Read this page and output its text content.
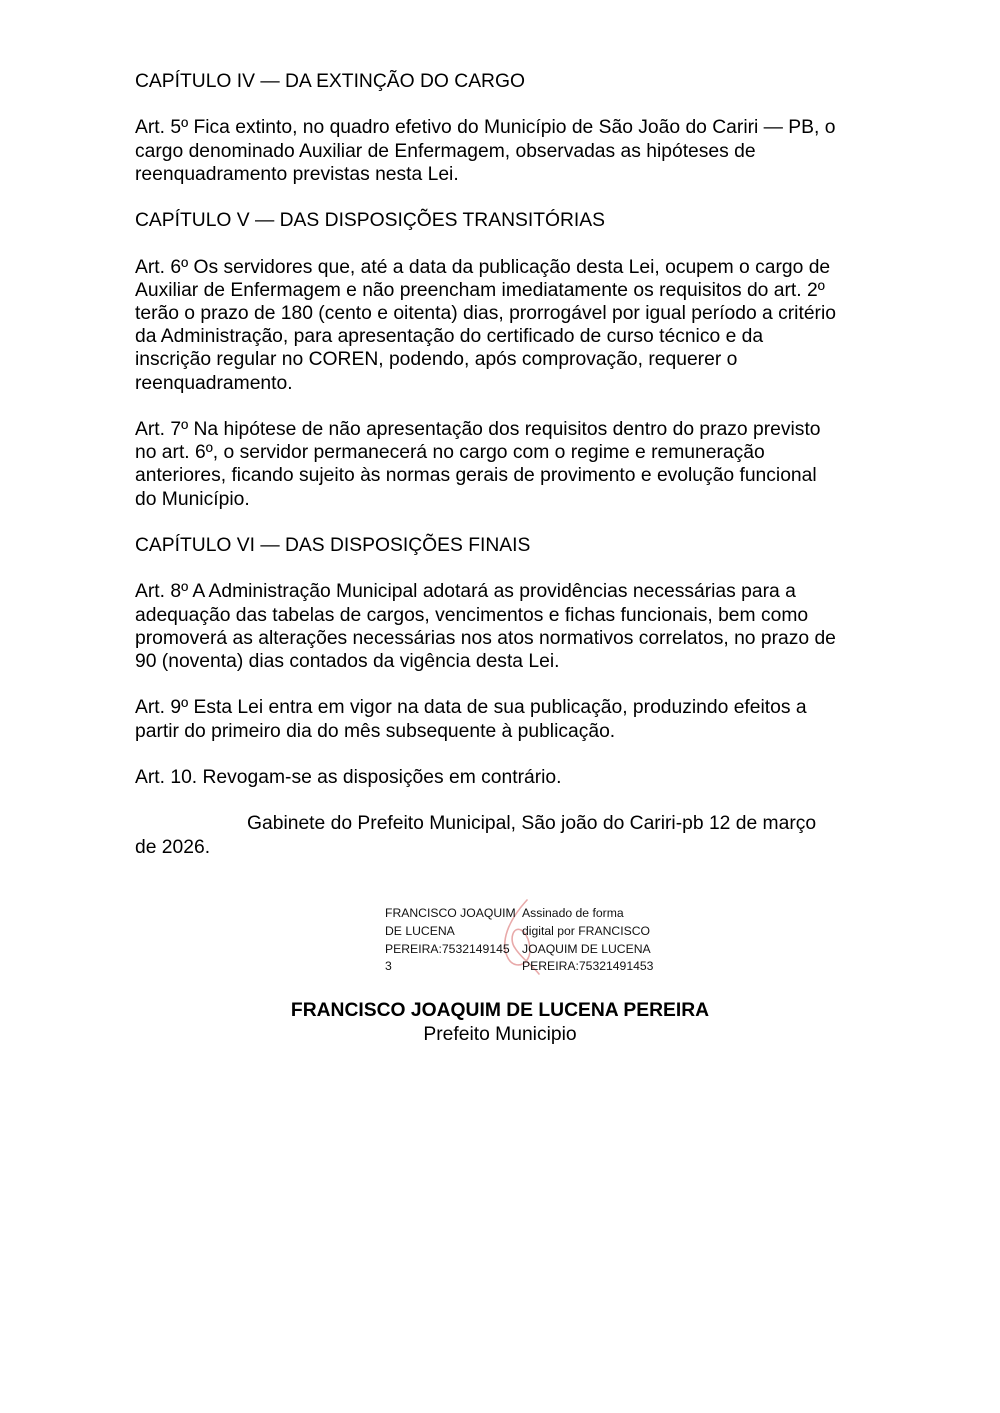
CAPÍTULO IV — DA EXTINÇÃO DO CARGO

Art. 5º Fica extinto, no quadro efetivo do Município de São João do Cariri — PB, o

cargo denominado Auxiliar de Enfermagem, observadas as hipóteses de

reenquadramento previstas nesta Lei.

CAPÍTULO V — DAS DISPOSIÇÕES TRANSITÓRIAS

Art. 6º Os servidores que, até a data da publicação desta Lei, ocupem o cargo de

Auxiliar de Enfermagem e não preencham imediatamente os requisitos do art. 2º

terão o prazo de 180 (cento e oitenta) dias, prorrogável por igual período a critério

da Administração, para apresentação do certificado de curso técnico e da

inscrição regular no COREN, podendo, após comprovação, requerer o

reenquadramento.

Art. 7º Na hipótese de não apresentação dos requisitos dentro do prazo previsto

no art. 6º, o servidor permanecerá no cargo com o regime e remuneração

anteriores, ficando sujeito às normas gerais de provimento e evolução funcional

do Município.

CAPÍTULO VI — DAS DISPOSIÇÕES FINAIS

Art. 8º A Administração Municipal adotará as providências necessárias para a

adequação das tabelas de cargos, vencimentos e fichas funcionais, bem como

promoverá as alterações necessárias nos atos normativos correlatos, no prazo de

90 (noventa) dias contados da vigência desta Lei.

Art. 9º Esta Lei entra em vigor na data de sua publicação, produzindo efeitos a

partir do primeiro dia do mês subsequente à publicação.

Art. 10. Revogam-se as disposições em contrário.

Gabinete do Prefeito Municipal, São joão do Cariri-pb 12 de março

de 2026.

FRANCISCO JOAQUIM
DE LUCENA
PEREIRA:7532149145
3
Assinado de forma
digital por FRANCISCO
JOAQUIM DE LUCENA
PEREIRA:75321491453
FRANCISCO JOAQUIM DE LUCENA PEREIRA
Prefeito Municipio
